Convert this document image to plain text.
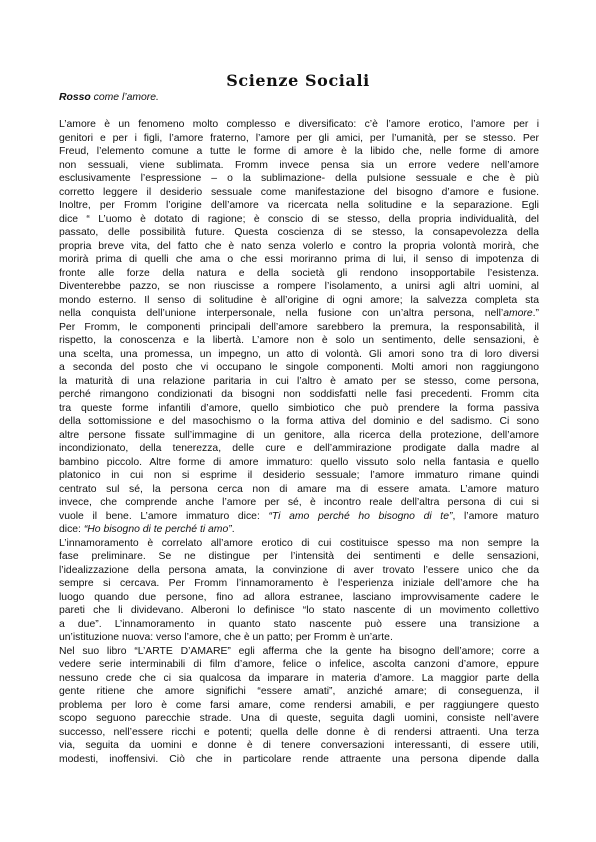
Scienze Sociali
Rosso come l’amore.
L’amore è un fenomeno molto complesso e diversificato: c’è l’amore erotico, l’amore per i
genitori e per i figli, l’amore fraterno, l’amore per gli amici, per l’umanità, per se stesso. Per
Freud, l’elemento comune a tutte le forme di amore è la libido che, nelle forme di amore
non sessuali, viene sublimata. Fromm invece pensa sia un errore vedere nell’amore
esclusivamente l’espressione – o la sublimazione- della pulsione sessuale e che è più
corretto leggere il desiderio sessuale come manifestazione del bisogno d’amore e fusione.
Inoltre, per Fromm l’origine dell’amore va ricercata nella solitudine e la separazione. Egli
dice “ L’uomo è dotato di ragione; è conscio di se stesso, della propria individualità, del
passato, delle possibilità future. Questa coscienza di se stesso, la consapevolezza della
propria breve vita, del fatto che è nato senza volerlo e contro la propria volontà morirà, che
morirà prima di quelli che ama o che essi moriranno prima di lui, il senso di impotenza di
fronte alle forze della natura e della società gli rendono insopportabile l’esistenza.
Diventerebbe pazzo, se non riuscisse a rompere l’isolamento, a unirsi agli altri uomini, al
mondo esterno. Il senso di solitudine è all’origine di ogni amore; la salvezza completa sta
nella conquista dell’unione interpersonale, nella fusione con un’altra persona, nell’amore.”
Per Fromm, le componenti principali dell’amore sarebbero la premura, la responsabilità, il
rispetto, la conoscenza e la libertà. L’amore non è solo un sentimento, delle sensazioni, è
una scelta, una promessa, un impegno, un atto di volontà. Gli amori sono tra di loro diversi
a seconda del posto che vi occupano le singole componenti. Molti amori non raggiungono
la maturità di una relazione paritaria in cui l’altro è amato per se stesso, come persona,
perché rimangono condizionati da bisogni non soddisfatti nelle fasi precedenti. Fromm cita
tra queste forme infantili d’amore, quello simbiotico che può prendere la forma passiva
della sottomissione e del masochismo o la forma attiva del dominio e del sadismo. Ci sono
altre persone fissate sull’immagine di un genitore, alla ricerca della protezione, dell’amore
incondizionato, della tenerezza, delle cure e dell’ammirazione prodigate dalla madre al
bambino piccolo. Altre forme di amore immaturo: quello vissuto solo nella fantasia e quello
platonico in cui non si esprime il desiderio sessuale; l’amore immaturo rimane quindi
centrato sul sé, la persona cerca non di amare ma di essere amata. L’amore maturo
invece, che comprende anche l’amore per sé, è incontro reale dell’altra persona di cui si
vuole il bene. L’amore immaturo dice: “Ti amo perché ho bisogno di te”, l’amore maturo
dice: “Ho bisogno di te perché ti amo”.
L’innamoramento è correlato all’amore erotico di cui costituisce spesso ma non sempre la
fase preliminare. Se ne distingue per l’intensità dei sentimenti e delle sensazioni,
l’idealizzazione della persona amata, la convinzione di aver trovato l’essere unico che da
sempre si cercava. Per Fromm l’innamoramento è l’esperienza iniziale dell’amore che ha
luogo quando due persone, fino ad allora estranee, lasciano improvvisamente cadere le
pareti che li dividevano. Alberoni lo definisce “lo stato nascente di un movimento collettivo
a due”. L’innamoramento in quanto stato nascente può essere una transizione a
un’istituzione nuova: verso l’amore, che è un patto; per Fromm è un’arte.
Nel suo libro “L’ARTE D’AMARE” egli afferma che la gente ha bisogno dell’amore; corre a
vedere serie interminabili di film d’amore, felice o infelice, ascolta canzoni d’amore, eppure
nessuno crede che ci sia qualcosa da imparare in materia d’amore. La maggior parte della
gente ritiene che amore significhi “essere amati”, anziché amare; di conseguenza, il
problema per loro è come farsi amare, come rendersi amabili, e per raggiungere questo
scopo seguono parecchie strade. Una di queste, seguita dagli uomini, consiste nell’avere
successo, nell’essere ricchi e potenti; quella delle donne è di rendersi attraenti. Una terza
via, seguita da uomini e donne è di tenere conversazioni interessanti, di essere utili,
modesti, inoffensivi. Ciò che in particolare rende attraente una persona dipende dalla
